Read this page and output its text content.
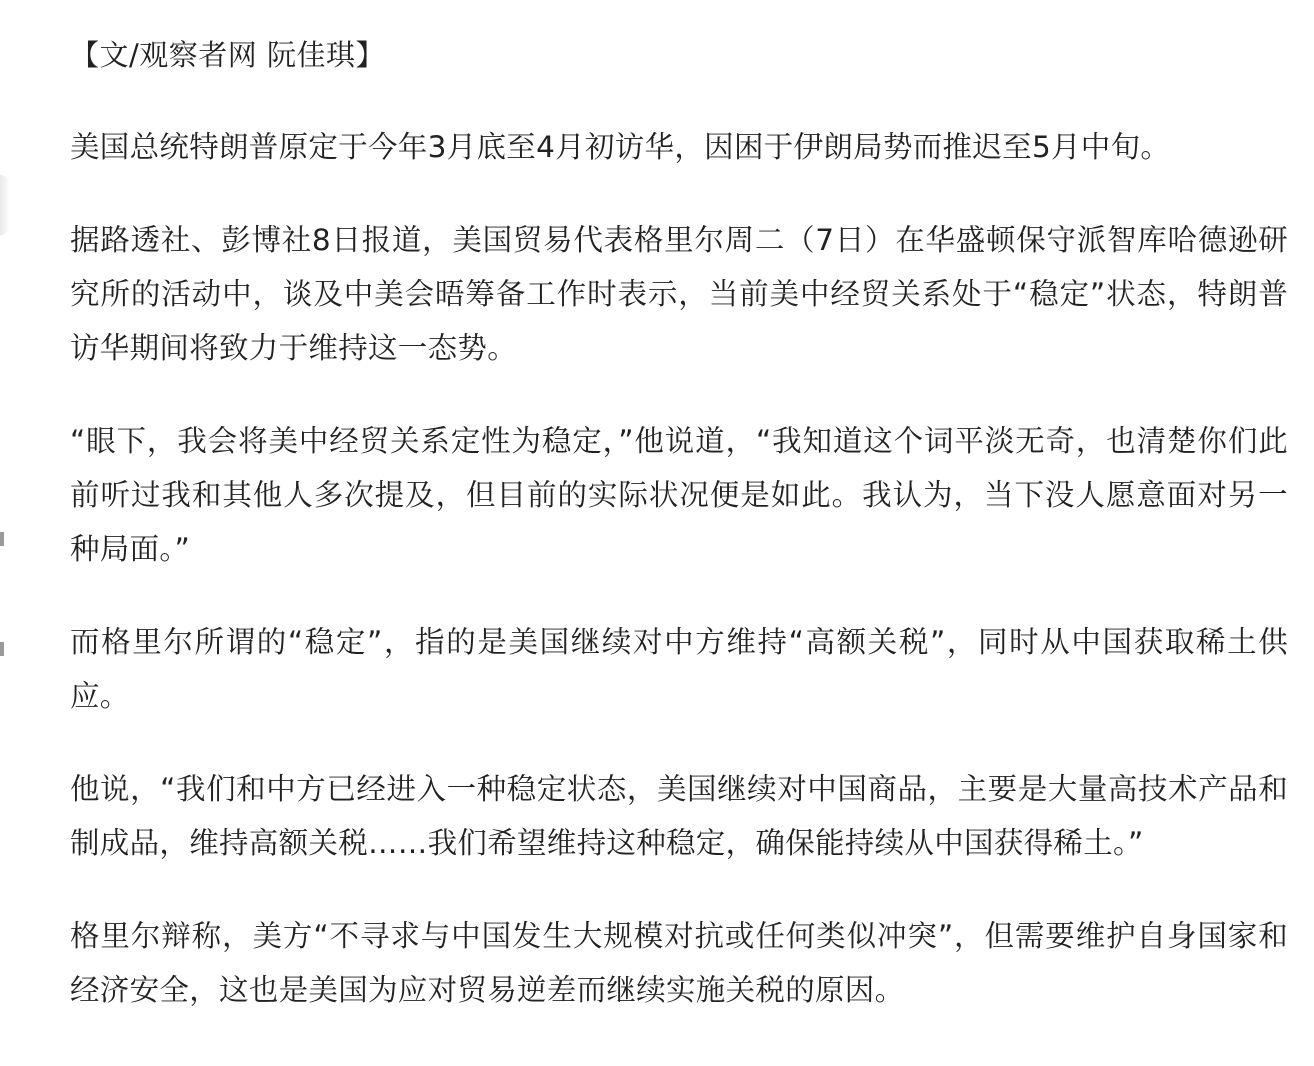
【文/观察者网 阮佳琪】

美国总统特朗普原定于今年3月底至4月初访华，因困于伊朗局势而推迟至5月中旬。

据路透社、彭博社8日报道，美国贸易代表格里尔周二（7日）在华盛顿保守派智库哈德逊研究所的活动中，谈及中美会晤筹备工作时表示，当前美中经贸关系处于“稳定”状态，特朗普访华期间将致力于维持这一态势。

“眼下，我会将美中经贸关系定性为稳定，”他说道，“我知道这个词平淡无奇，也清楚你们此前听过我和其他人多次提及，但目前的实际状况便是如此。我认为，当下没人愿意面对另一种局面。”

而格里尔所谓的“稳定”，指的是美国继续对中方维持“高额关税”，同时从中国获取稀土供应。

他说，“我们和中方已经进入一种稳定状态，美国继续对中国商品，主要是大量高技术产品和制成品，维持高额关税……我们希望维持这种稳定，确保能持续从中国获得稀土。”

格里尔辩称，美方“不寻求与中国发生大规模对抗或任何类似冲突”，但需要维护自身国家和经济安全，这也是美国为应对贸易逆差而继续实施关税的原因。
